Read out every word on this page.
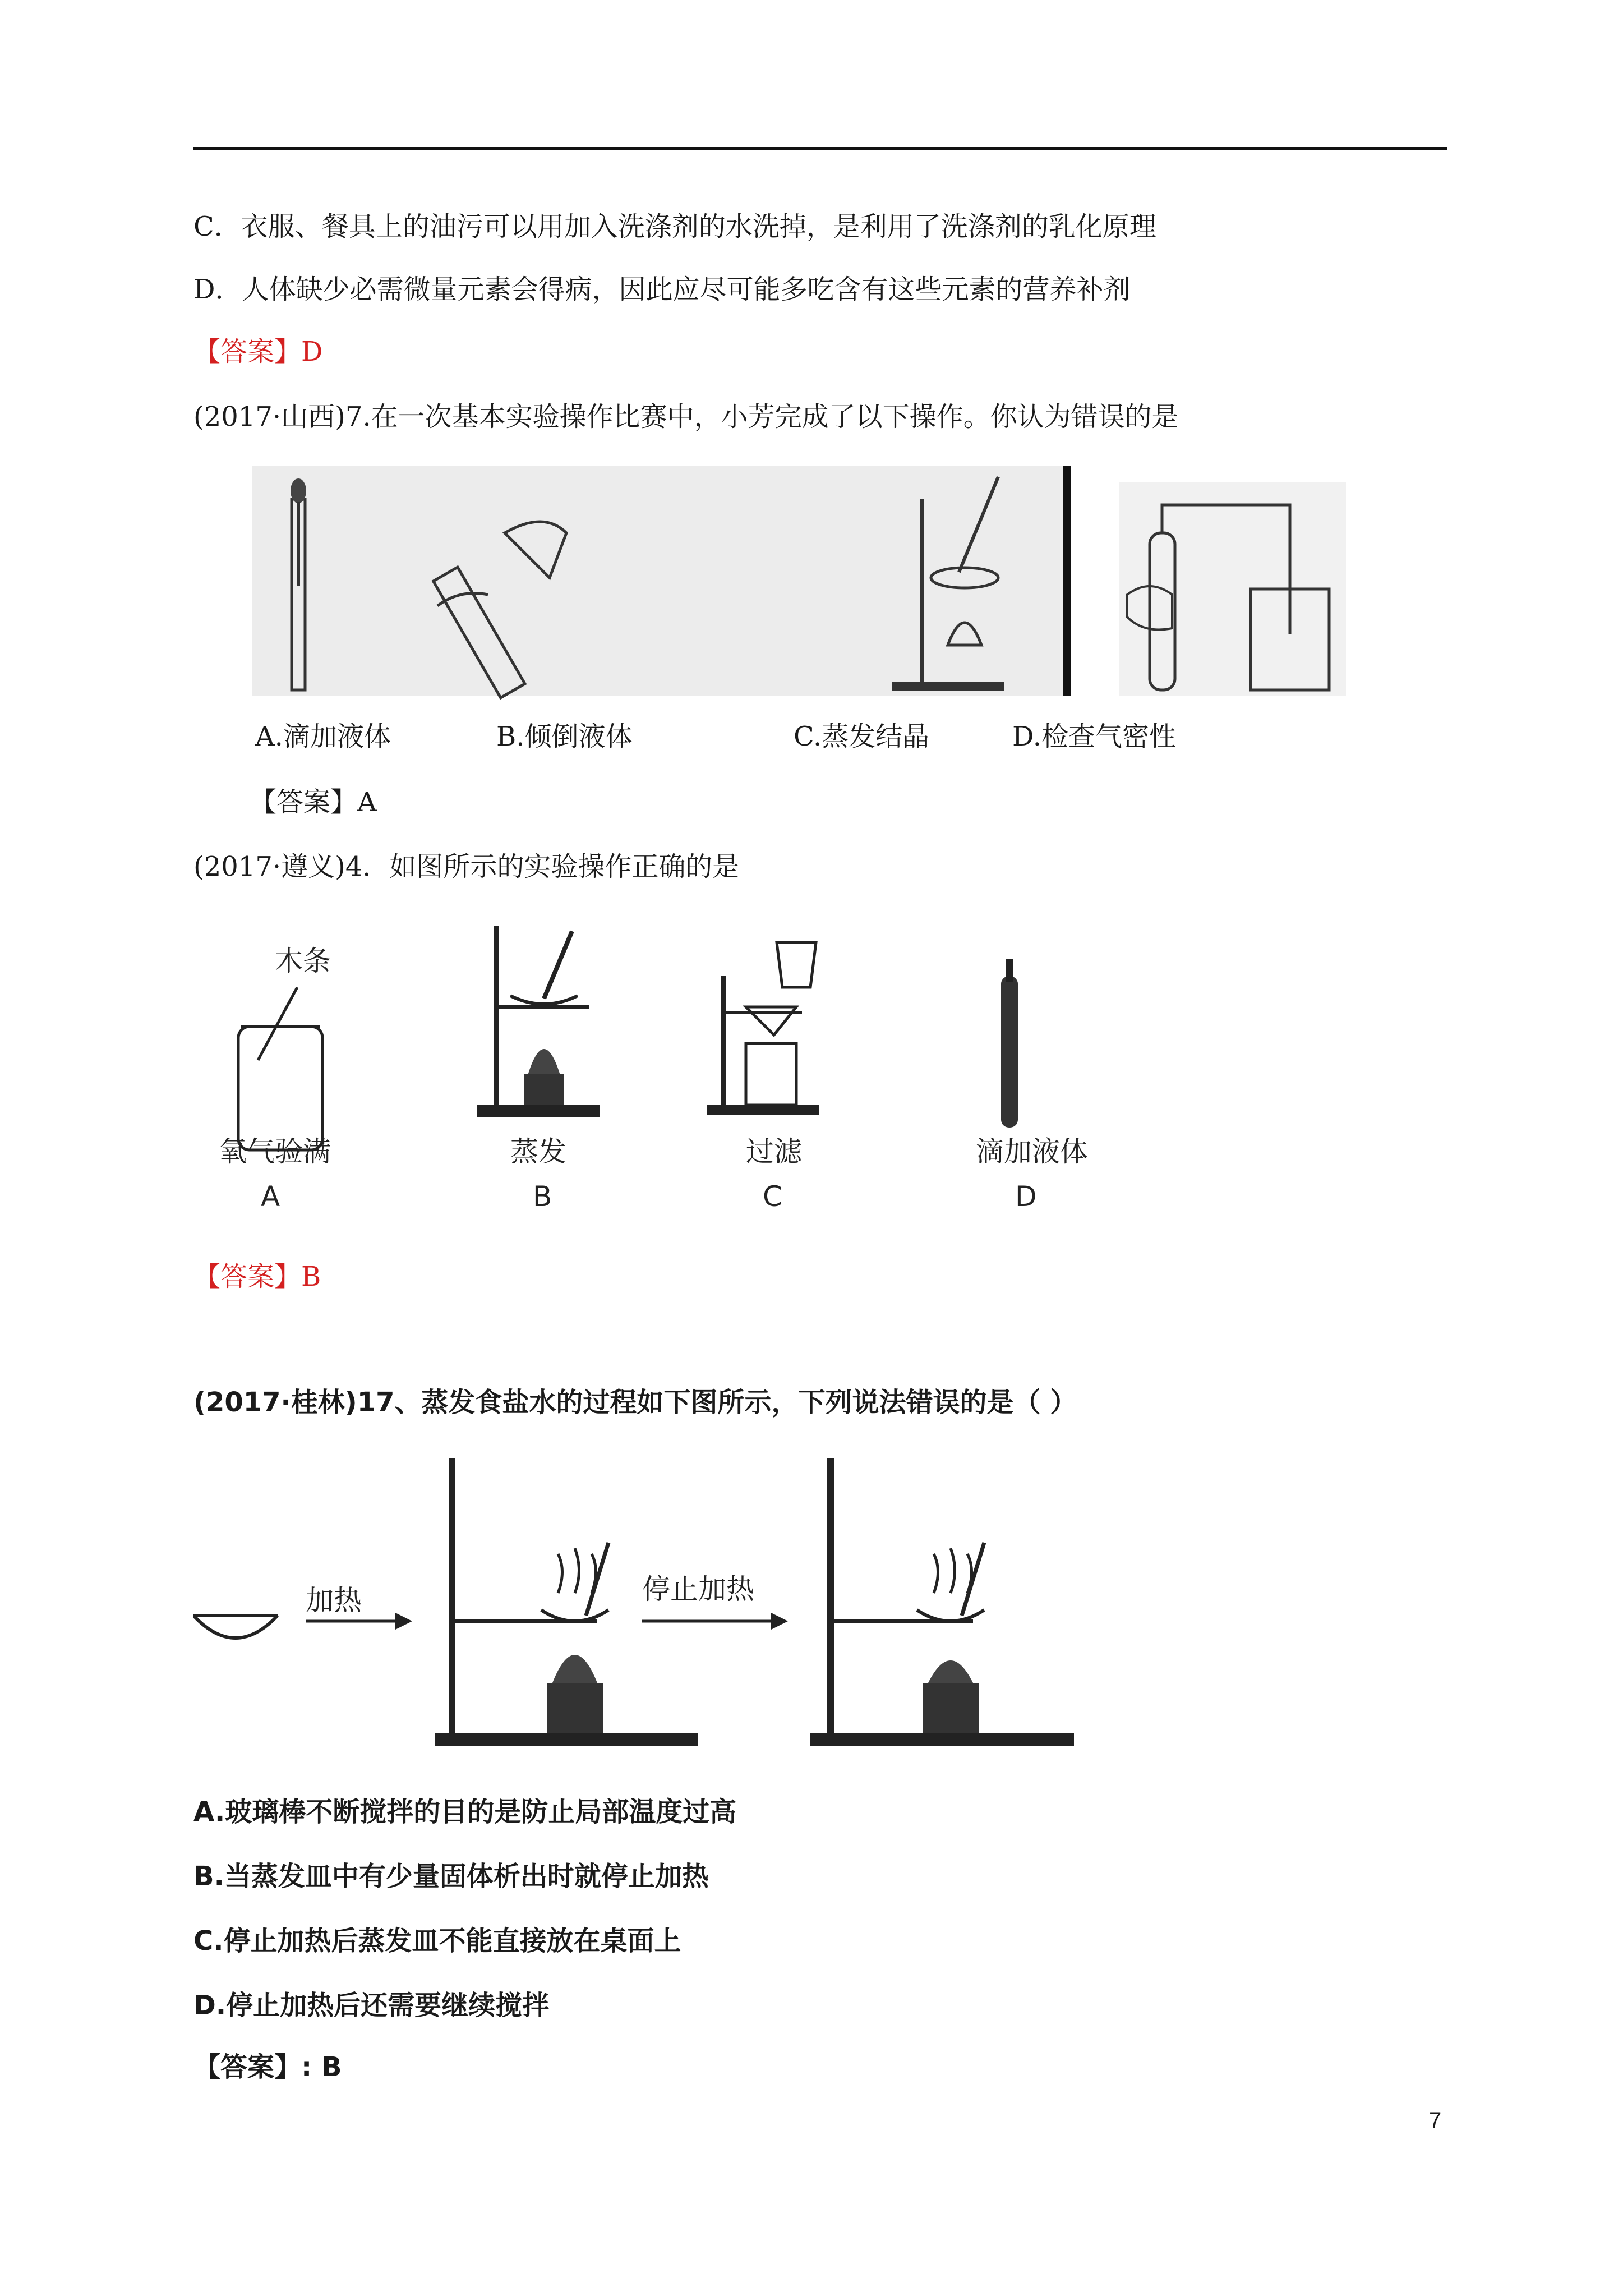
C．衣服、餐具上的油污可以用加入洗涤剂的水洗掉，是利用了洗涤剂的乳化原理
D．人体缺少必需微量元素会得病，因此应尽可能多吃含有这些元素的营养补剂
【答案】D
(2017·山西)7.在一次基本实验操作比赛中，小芳完成了以下操作。你认为错误的是
A.滴加液体	B.倾倒液体	C.蒸发结晶	D.检查气密性
【答案】A
(2017·遵义)4．如图所示的实验操作正确的是
木条
氧气验满
A
蒸发
B
过滤
C
滴加液体
D
【答案】B
(2017·桂林)17、蒸发食盐水的过程如下图所示，下列说法错误的是（ ）
加热	停止加热
A.玻璃棒不断搅拌的目的是防止局部温度过高
B.当蒸发皿中有少量固体析出时就停止加热
C.停止加热后蒸发皿不能直接放在桌面上
D.停止加热后还需要继续搅拌
【答案】: B
7
